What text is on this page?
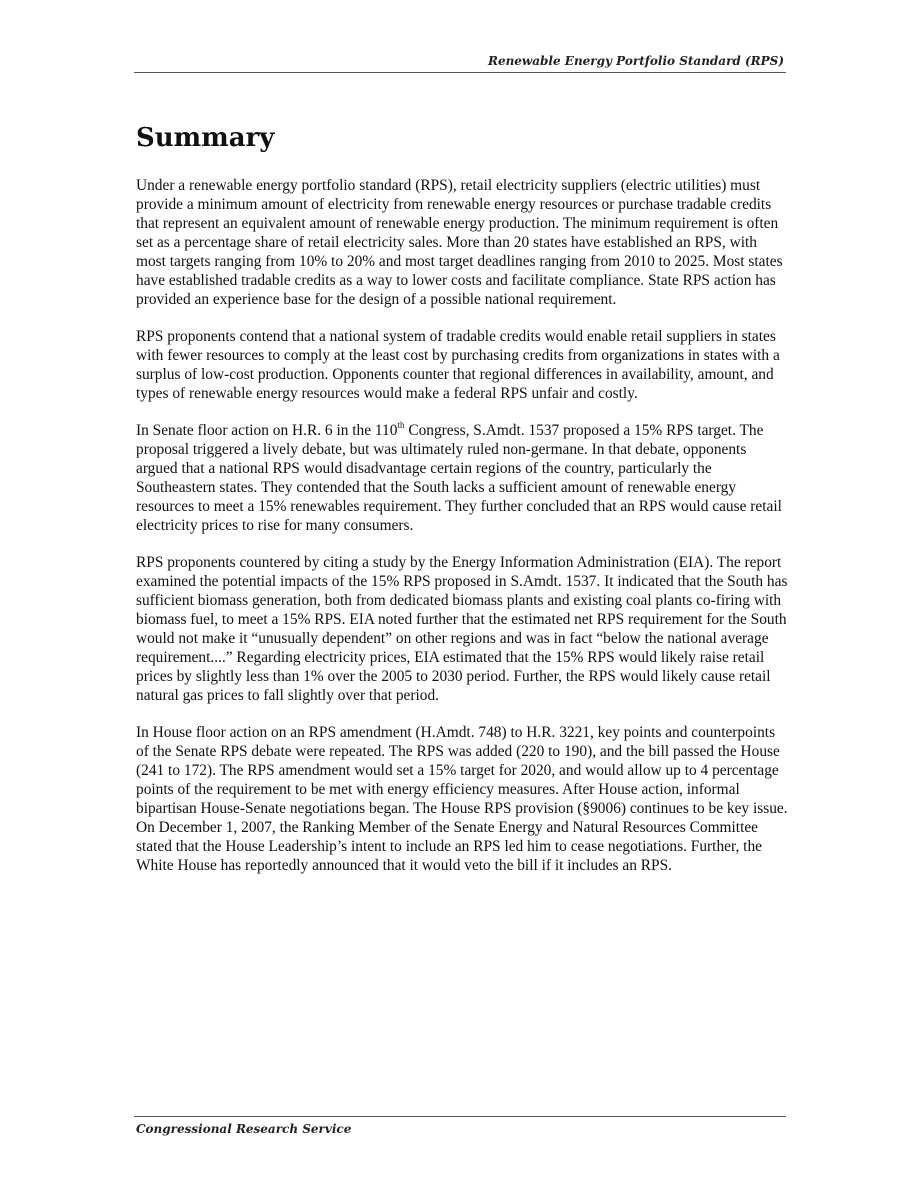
Renewable Energy Portfolio Standard (RPS)
Summary

Under a renewable energy portfolio standard (RPS), retail electricity suppliers (electric utilities) must provide a minimum amount of electricity from renewable energy resources or purchase tradable credits that represent an equivalent amount of renewable energy production. The minimum requirement is often set as a percentage share of retail electricity sales. More than 20 states have established an RPS, with most targets ranging from 10% to 20% and most target deadlines ranging from 2010 to 2025. Most states have established tradable credits as a way to lower costs and facilitate compliance. State RPS action has provided an experience base for the design of a possible national requirement.

RPS proponents contend that a national system of tradable credits would enable retail suppliers in states with fewer resources to comply at the least cost by purchasing credits from organizations in states with a surplus of low-cost production. Opponents counter that regional differences in availability, amount, and types of renewable energy resources would make a federal RPS unfair and costly.

In Senate floor action on H.R. 6 in the 110th Congress, S.Amdt. 1537 proposed a 15% RPS target. The proposal triggered a lively debate, but was ultimately ruled non-germane. In that debate, opponents argued that a national RPS would disadvantage certain regions of the country, particularly the Southeastern states. They contended that the South lacks a sufficient amount of renewable energy resources to meet a 15% renewables requirement. They further concluded that an RPS would cause retail electricity prices to rise for many consumers.

RPS proponents countered by citing a study by the Energy Information Administration (EIA). The report examined the potential impacts of the 15% RPS proposed in S.Amdt. 1537. It indicated that the South has sufficient biomass generation, both from dedicated biomass plants and existing coal plants co-firing with biomass fuel, to meet a 15% RPS. EIA noted further that the estimated net RPS requirement for the South would not make it “unusually dependent” on other regions and was in fact “below the national average requirement....” Regarding electricity prices, EIA estimated that the 15% RPS would likely raise retail prices by slightly less than 1% over the 2005 to 2030 period. Further, the RPS would likely cause retail natural gas prices to fall slightly over that period.

In House floor action on an RPS amendment (H.Amdt. 748) to H.R. 3221, key points and counterpoints of the Senate RPS debate were repeated. The RPS was added (220 to 190), and the bill passed the House (241 to 172). The RPS amendment would set a 15% target for 2020, and would allow up to 4 percentage points of the requirement to be met with energy efficiency measures. After House action, informal bipartisan House-Senate negotiations began. The House RPS provision (§9006) continues to be key issue. On December 1, 2007, the Ranking Member of the Senate Energy and Natural Resources Committee stated that the House Leadership’s intent to include an RPS led him to cease negotiations. Further, the White House has reportedly announced that it would veto the bill if it includes an RPS.

Congressional Research Service
